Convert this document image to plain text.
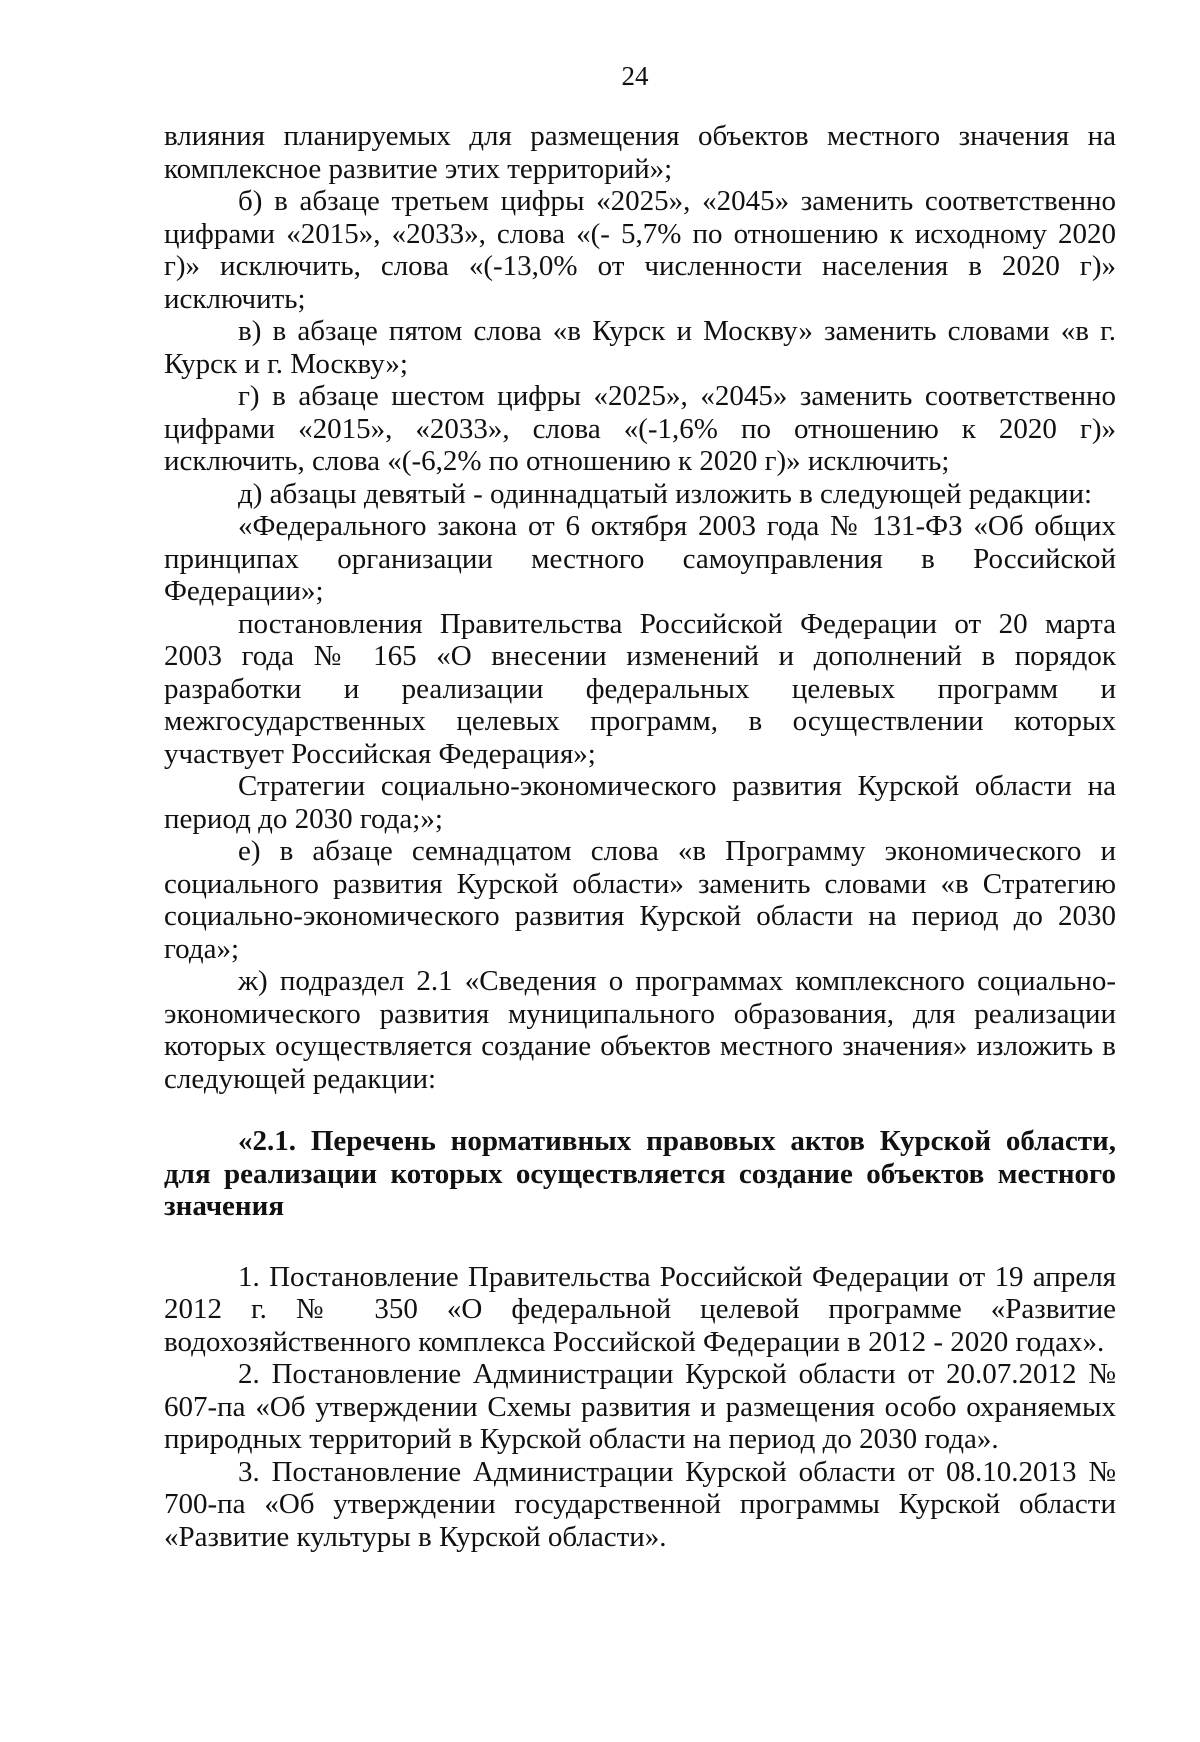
24

влияния планируемых для размещения объектов местного значения на комплексное развитие этих территорий»;

б) в абзаце третьем цифры «2025», «2045» заменить соответственно цифрами «2015», «2033», слова «(- 5,7% по отношению к исходному 2020 г)» исключить, слова «(-13,0% от численности населения в 2020 г)» исключить;

в) в абзаце пятом слова «в Курск и Москву» заменить словами «в г. Курск и г. Москву»;

г) в абзаце шестом цифры «2025», «2045» заменить соответственно цифрами «2015», «2033», слова «(-1,6% по отношению к 2020 г)» исключить, слова «(-6,2% по отношению к 2020 г)» исключить;

д) абзацы девятый - одиннадцатый изложить в следующей редакции:

«Федерального закона от 6 октября 2003 года № 131-ФЗ «Об общих принципах организации местного самоуправления в Российской Федерации»;

постановления Правительства Российской Федерации от 20 марта 2003 года № 165 «О внесении изменений и дополнений в порядок разработки и реализации федеральных целевых программ и межгосударственных целевых программ, в осуществлении которых участвует Российская Федерация»;

Стратегии социально-экономического развития Курской области на период до 2030 года;»;

е) в абзаце семнадцатом слова «в Программу экономического и социального развития Курской области» заменить словами «в Стратегию социально-экономического развития Курской области на период до 2030 года»;

ж) подраздел 2.1 «Сведения о программах комплексного социально-экономического развития муниципального образования, для реализации которых осуществляется создание объектов местного значения» изложить в следующей редакции:

«2.1. Перечень нормативных правовых актов Курской области, для реализации которых осуществляется создание объектов местного значения

1. Постановление Правительства Российской Федерации от 19 апреля 2012 г. № 350 «О федеральной целевой программе «Развитие водохозяйственного комплекса Российской Федерации в 2012 - 2020 годах».

2. Постановление Администрации Курской области от 20.07.2012 № 607-па «Об утверждении Схемы развития и размещения особо охраняемых природных территорий в Курской области на период до 2030 года».

3. Постановление Администрации Курской области от 08.10.2013 № 700-па «Об утверждении государственной программы Курской области «Развитие культуры в Курской области».
